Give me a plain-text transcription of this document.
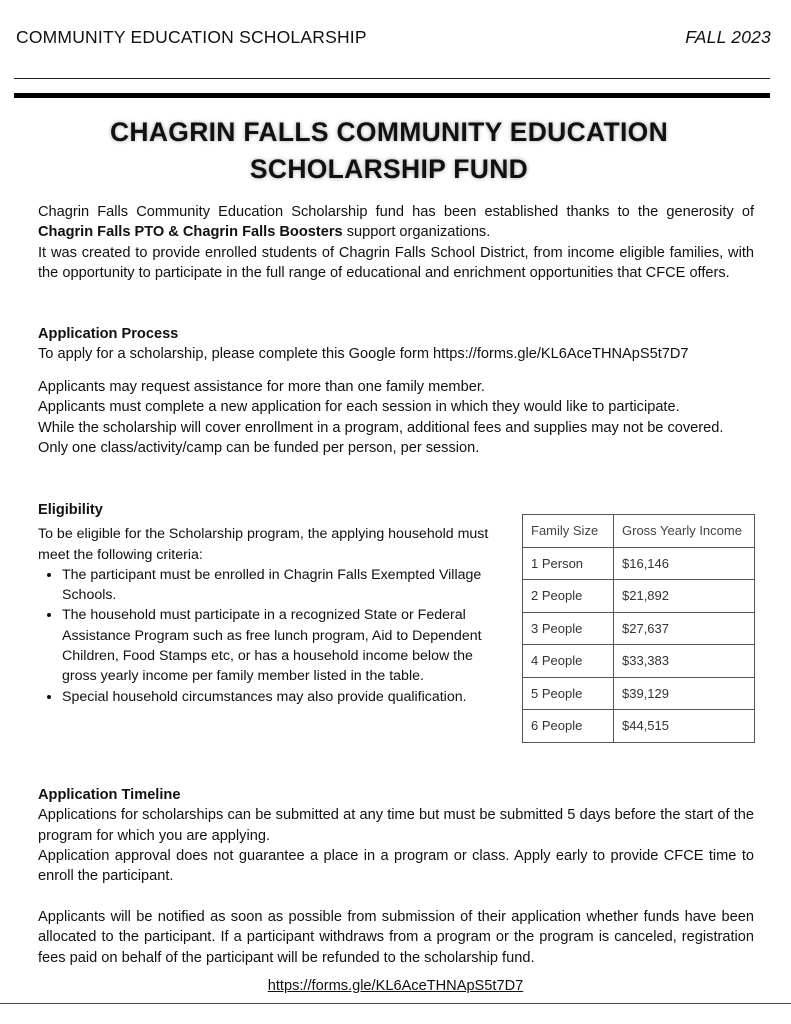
COMMUNITY EDUCATION SCHOLARSHIP	FALL 2023
CHAGRIN FALLS COMMUNITY EDUCATION
SCHOLARSHIP FUND

Chagrin Falls Community Education Scholarship fund has been established thanks to the generosity of Chagrin Falls PTO & Chagrin Falls Boosters support organizations.

It was created to provide enrolled students of Chagrin Falls School District, from income eligible families, with the opportunity to participate in the full range of educational and enrichment opportunities that CFCE offers.

Application Process

To apply for a scholarship, please complete this Google form https://forms.gle/KL6AceTHNApS5t7D7

Applicants may request assistance for more than one family member.

Applicants must complete a new application for each session in which they would like to participate.

While the scholarship will cover enrollment in a program, additional fees and supplies may not be covered.

Only one class/activity/camp can be funded per person, per session.

Eligibility

To be eligible for the Scholarship program, the applying household must meet the following criteria:

• The participant must be enrolled in Chagrin Falls Exempted Village Schools.
• The household must participate in a recognized State or Federal Assistance Program such as free lunch program, Aid to Dependent Children, Food Stamps etc, or has a household income below the gross yearly income per family member listed in the table.
• Special household circumstances may also provide qualification.
Family Size	Gross Yearly Income
1 Person	$16,146
2 People	$21,892
3 People	$27,637
4 People	$33,383
5 People	$39,129
6 People	$44,515

Application Timeline

Applications for scholarships can be submitted at any time but must be submitted 5 days before the start of the program for which you are applying.

Application approval does not guarantee a place in a program or class. Apply early to provide CFCE time to enroll the participant.

Applicants will be notified as soon as possible from submission of their application whether funds have been allocated to the participant. If a participant withdraws from a program or the program is canceled, registration fees paid on behalf of the participant will be refunded to the scholarship fund.

https://forms.gle/KL6AceTHNApS5t7D7
